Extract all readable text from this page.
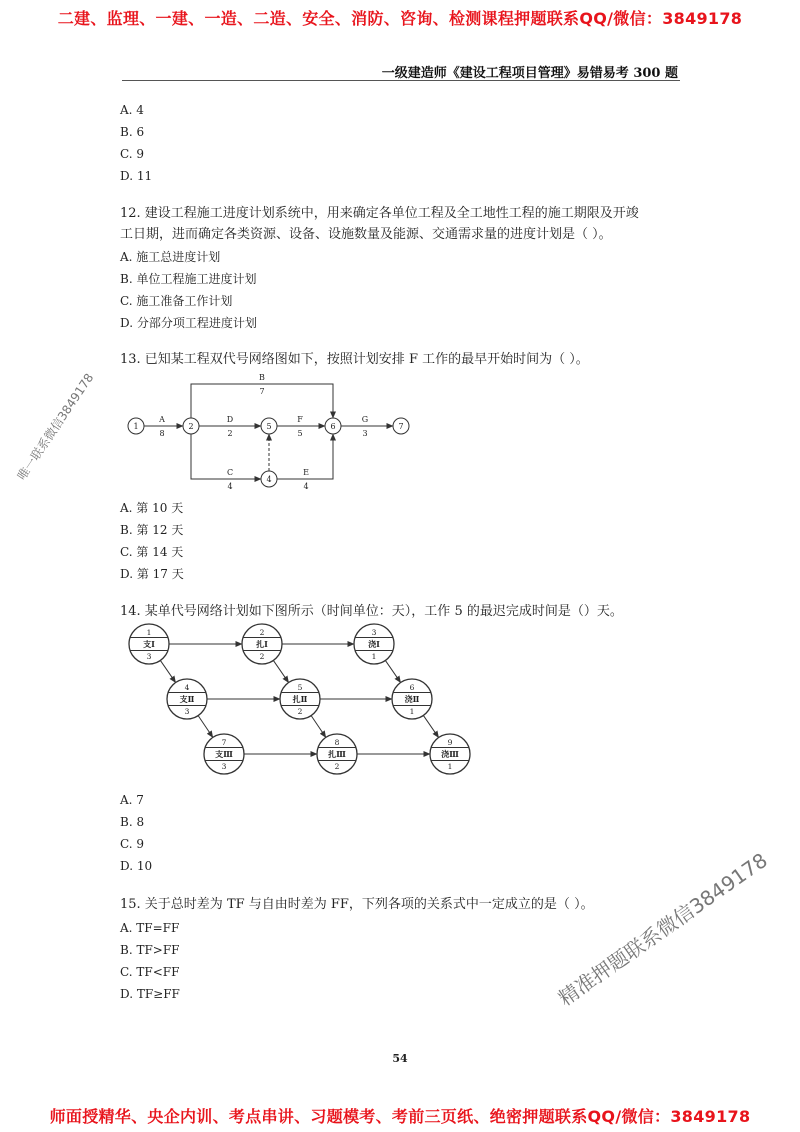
二建、监理、一建、一造、二造、安全、消防、咨询、检测课程押题联系QQ/微信：3849178
一级建造师《建设工程项目管理》易错易考 300 题
A. 4
B. 6
C. 9
D. 11
12. 建设工程施工进度计划系统中，用来确定各单位工程及全工地性工程的施工期限及开竣
工日期，进而确定各类资源、设备、设施数量及能源、交通需求量的进度计划是（ ）。
A. 施工总进度计划
B. 单位工程施工进度计划
C. 施工准备工作计划
D. 分部分项工程进度计划
13. 已知某工程双代号网络图如下，按照计划安排 F 工作的最早开始时间为（ ）。
1	2	5	6	7
4
A
8
B
7
D
2
F
5
G
3
C
4
E
4
A. 第 10 天
B. 第 12 天
C. 第 14 天
D. 第 17 天
14. 某单代号网络计划如下图所示（时间单位：天），工作 5 的最迟完成时间是（）天。
1
支Ⅰ
3
2
扎Ⅰ
2
3
浇Ⅰ
1
4
支Ⅱ
3
5
扎Ⅱ
2
6
浇Ⅱ
1
7
支Ⅲ
3
8
扎Ⅲ
2
9
浇Ⅲ
1
A. 7
B. 8
C. 9
D. 10
15. 关于总时差为 TF 与自由时差为 FF，下列各项的关系式中一定成立的是（ ）。
A. TF=FF
B. TF>FF
C. TF<FF
D. TF≥FF
唯一联系微信3849178
精准押题联系微信3849178
54
师面授精华、央企内训、考点串讲、习题模考、考前三页纸、绝密押题联系QQ/微信：3849178
